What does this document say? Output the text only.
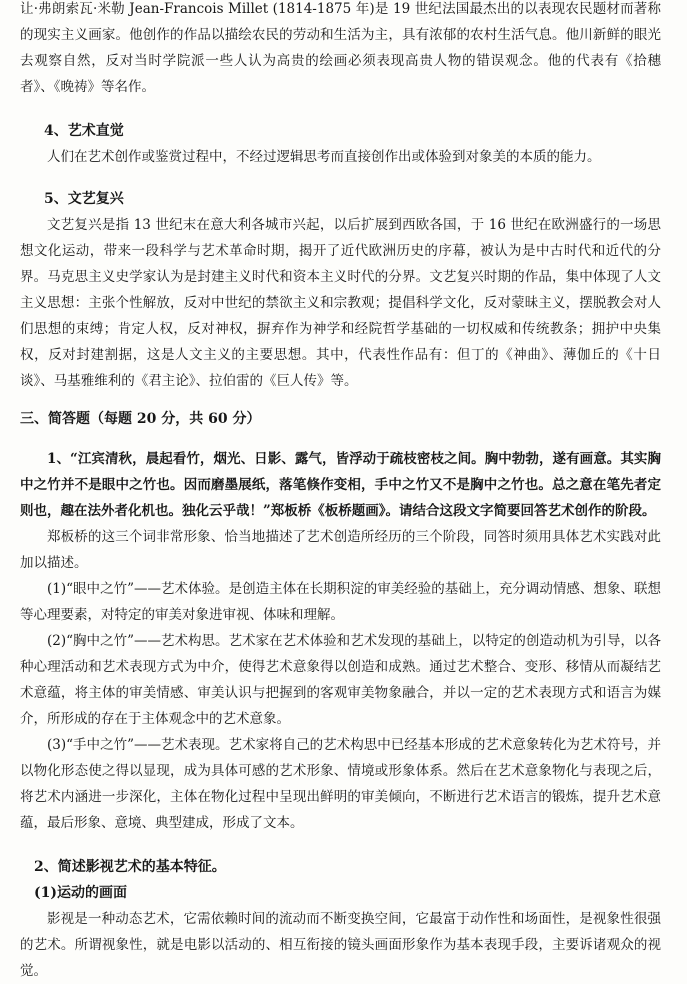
让·弗朗索瓦·米勒 Jean-Francois Millet (1814-1875 年)是 19 世纪法国最杰出的以表现农民题材而著称的现实主义画家。他创作的作品以描绘农民的劳动和生活为主，具有浓郁的农村生活气息。他川新鲜的眼光去观察自然，反对当时学院派一些人认为高贵的绘画必须表现高贵人物的错误观念。他的代表有《拾穗者》、《晚祷》等名作。

4、艺术直觉

人们在艺术创作或鉴赏过程中，不经过逻辑思考而直接创作出或体验到对象美的本质的能力。

5、文艺复兴

文艺复兴是指 13 世纪末在意大利各城市兴起，以后扩展到西欧各国，于 16 世纪在欧洲盛行的一场思想文化运动，带来一段科学与艺术革命时期，揭开了近代欧洲历史的序幕，被认为是中古时代和近代的分界。马克思主义史学家认为是封建主义时代和资本主义时代的分界。文艺复兴时期的作品，集中体现了人文主义思想：主张个性解放，反对中世纪的禁欲主义和宗教观；提倡科学文化，反对蒙昧主义，摆脱教会对人们思想的束缚；肯定人权，反对神权，摒弃作为神学和经院哲学基础的一切权威和传统教条；拥护中央集权，反对封建割据，这是人文主义的主要思想。其中，代表性作品有：但丁的《神曲》、薄伽丘的《十日谈》、马基雅维利的《君主论》、拉伯雷的《巨人传》等。

三、简答题（每题 20 分，共 60 分）

1、“江宾清秋，晨起看竹，烟光、日影、露气，皆浮动于疏枝密枝之间。胸中勃勃，遂有画意。其实胸中之竹并不是眼中之竹也。因而磨墨展纸，落笔倏作变相，手中之竹又不是胸中之竹也。总之意在笔先者定则也，趣在法外者化机也。独化云乎哉！”郑板桥《板桥题画》。请结合这段文字简要回答艺术创作的阶段。

郑板桥的这三个词非常形象、恰当地描述了艺术创造所经历的三个阶段，同答时须用具体艺术实践对此加以描述。

(1)“眼中之竹”——艺术体验。是创造主体在长期积淀的审美经验的基础上，充分调动情感、想象、联想等心理要素，对特定的审美对象进审视、体味和理解。

(2)“胸中之竹”——艺术构思。艺术家在艺术体验和艺术发现的基础上，以特定的创造动机为引导，以各种心理活动和艺术表现方式为中介，使得艺术意象得以创造和成熟。通过艺术整合、变形、移情从而凝结艺术意蕴，将主体的审美情感、审美认识与把握到的客观审美物象融合，并以一定的艺术表现方式和语言为媒介，所形成的存在于主体观念中的艺术意象。

(3)“手中之竹”——艺术表现。艺术家将自己的艺术构思中已经基本形成的艺术意象转化为艺术符号，并以物化形态使之得以显现，成为具体可感的艺术形象、情境或形象体系。然后在艺术意象物化与表现之后，将艺术内涵进一步深化，主体在物化过程中呈现出鲜明的审美倾向，不断进行艺术语言的锻炼，提升艺术意蕴，最后形象、意境、典型建成，形成了文本。

2、简述影视艺术的基本特征。

(1)运动的画面

影视是一种动态艺术，它需依赖时间的流动而不断变换空间，它最富于动作性和场面性，是视象性很强的艺术。所谓视象性，就是电影以活动的、相互衔接的镜头画面形象作为基本表现手段，主要诉诸观众的视觉。
